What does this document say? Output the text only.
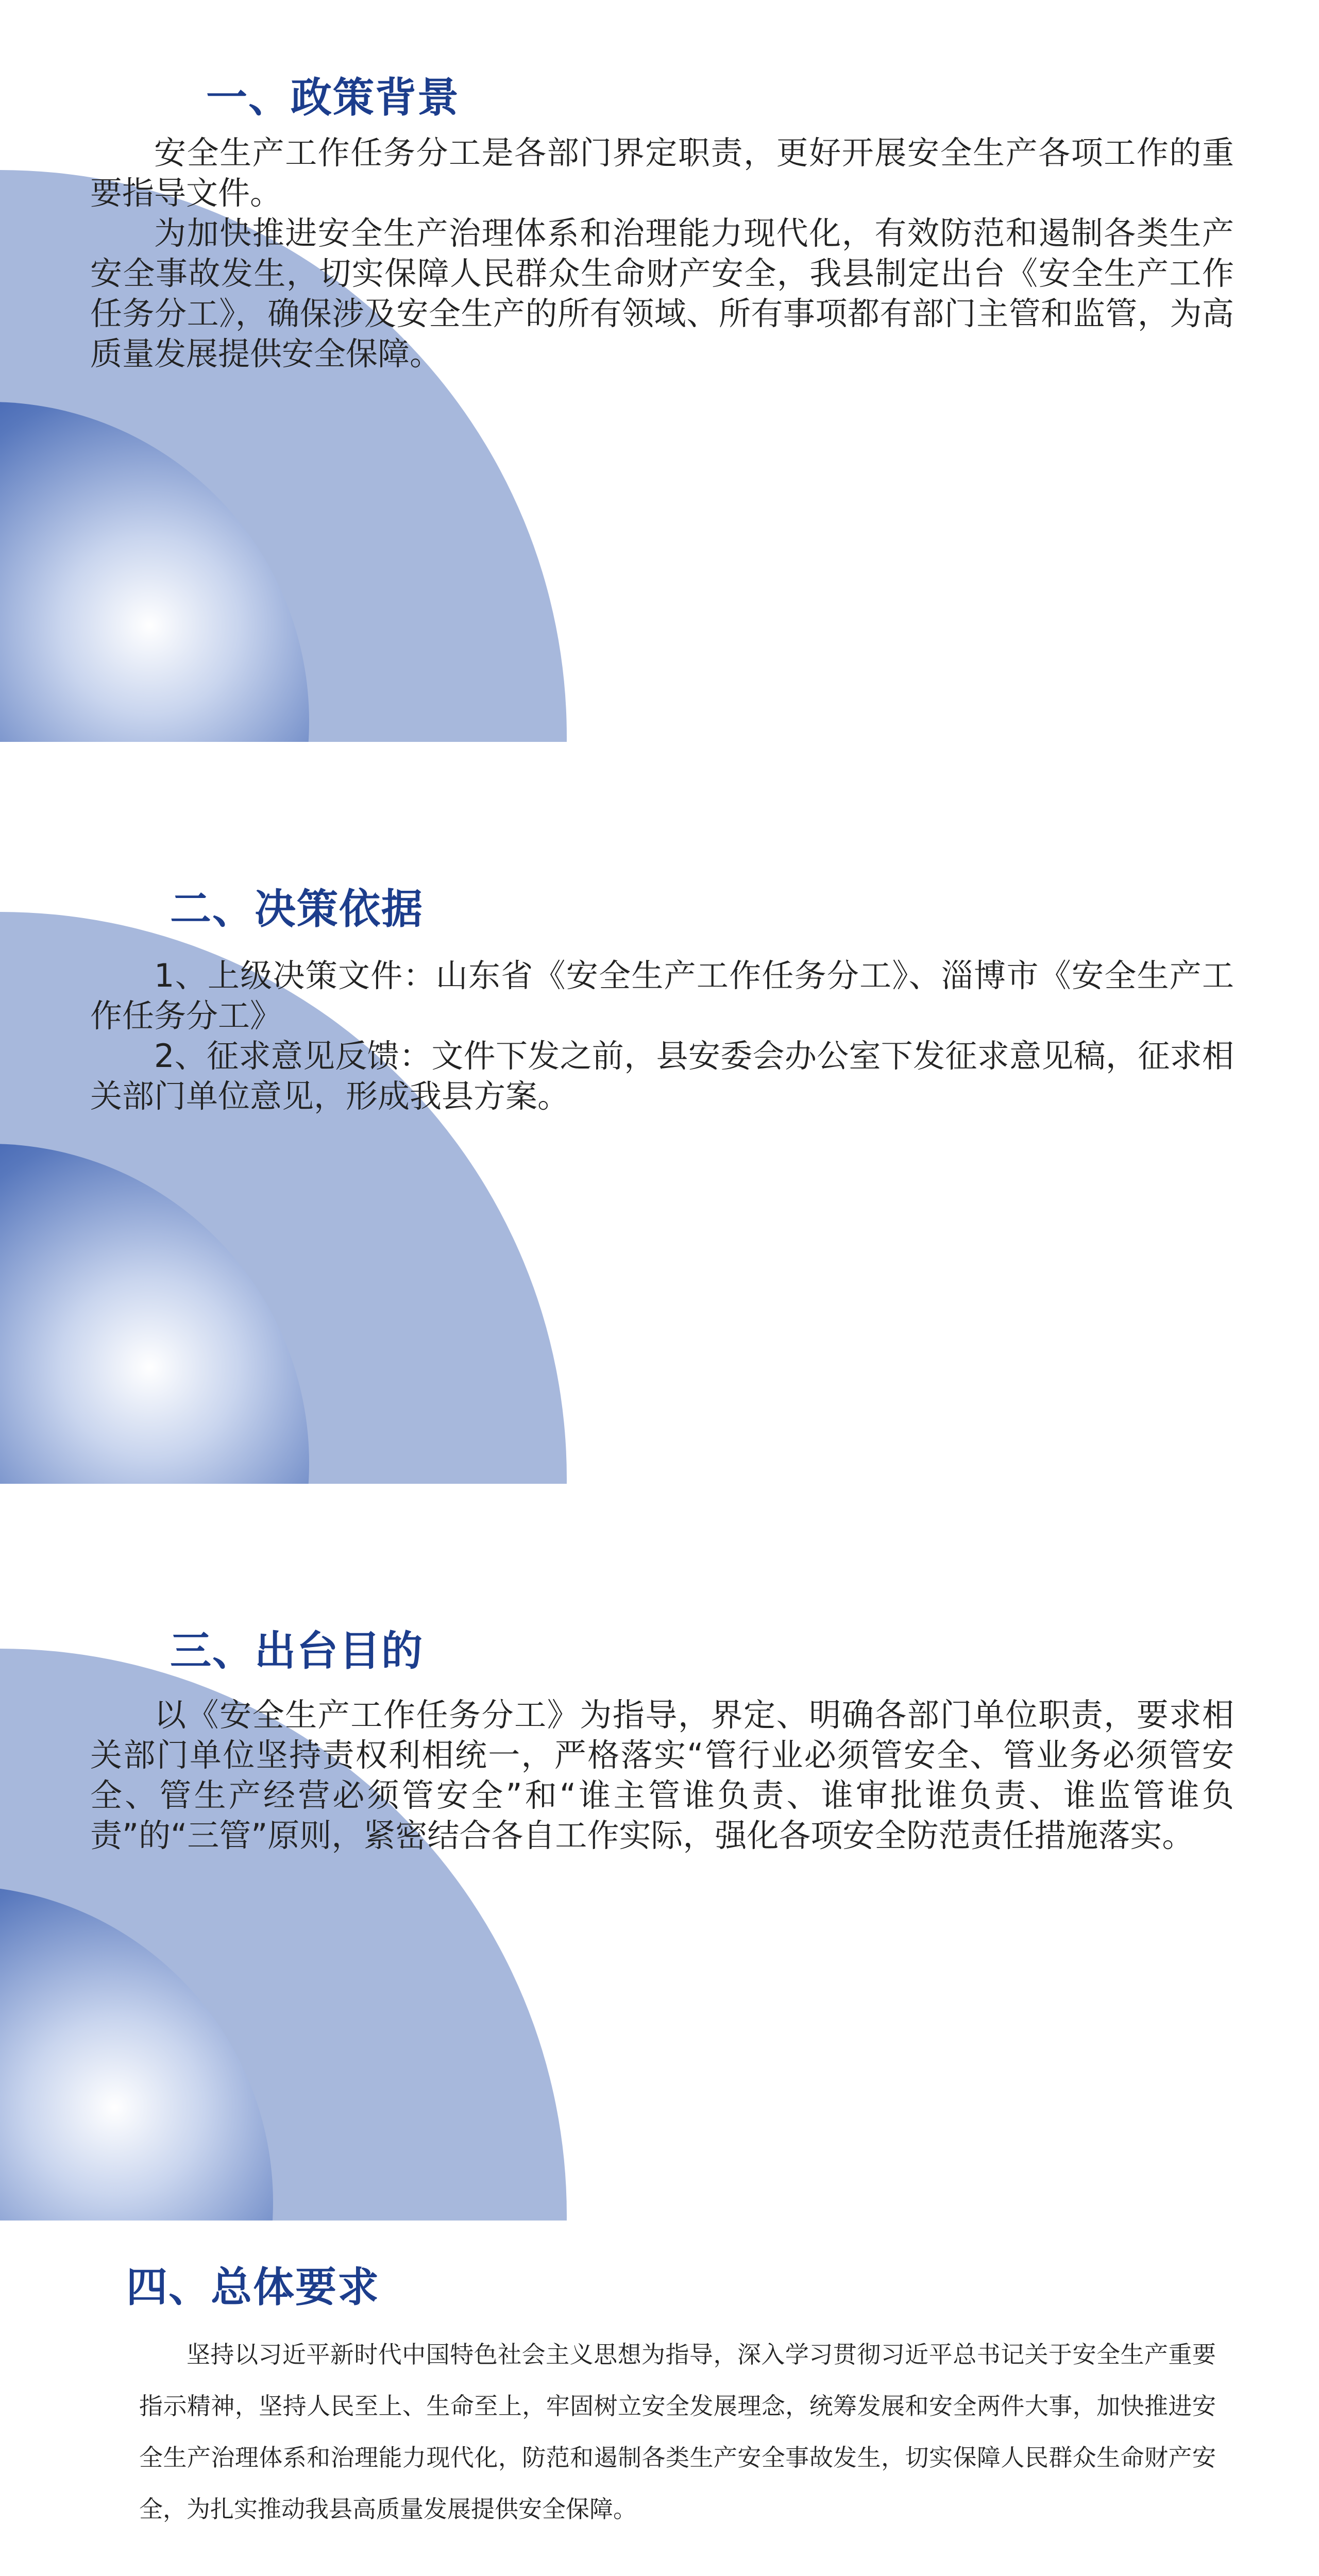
一、政策背景

安全生产工作任务分工是各部门界定职责，更好开展安全生产各项工作的重要指导文件。

为加快推进安全生产治理体系和治理能力现代化，有效防范和遏制各类生产安全事故发生，切实保障人民群众生命财产安全，我县制定出台《安全生产工作任务分工》，确保涉及安全生产的所有领域、所有事项都有部门主管和监管，为高质量发展提供安全保障。

二、决策依据

1、上级决策文件：山东省《安全生产工作任务分工》、淄博市《安全生产工作任务分工》

2、征求意见反馈：文件下发之前，县安委会办公室下发征求意见稿，征求相关部门单位意见，形成我县方案。

三、出台目的

以《安全生产工作任务分工》为指导，界定、明确各部门单位职责，要求相关部门单位坚持责权利相统一，严格落实“管行业必须管安全、管业务必须管安全、管生产经营必须管安全”和“谁主管谁负责、谁审批谁负责、谁监管谁负责”的“三管”原则，紧密结合各自工作实际，强化各项安全防范责任措施落实。

四、总体要求

坚持以习近平新时代中国特色社会主义思想为指导，深入学习贯彻习近平总书记关于安全生产重要指示精神，坚持人民至上、生命至上，牢固树立安全发展理念，统筹发展和安全两件大事，加快推进安全生产治理体系和治理能力现代化，防范和遏制各类生产安全事故发生，切实保障人民群众生命财产安全，为扎实推动我县高质量发展提供安全保障。
